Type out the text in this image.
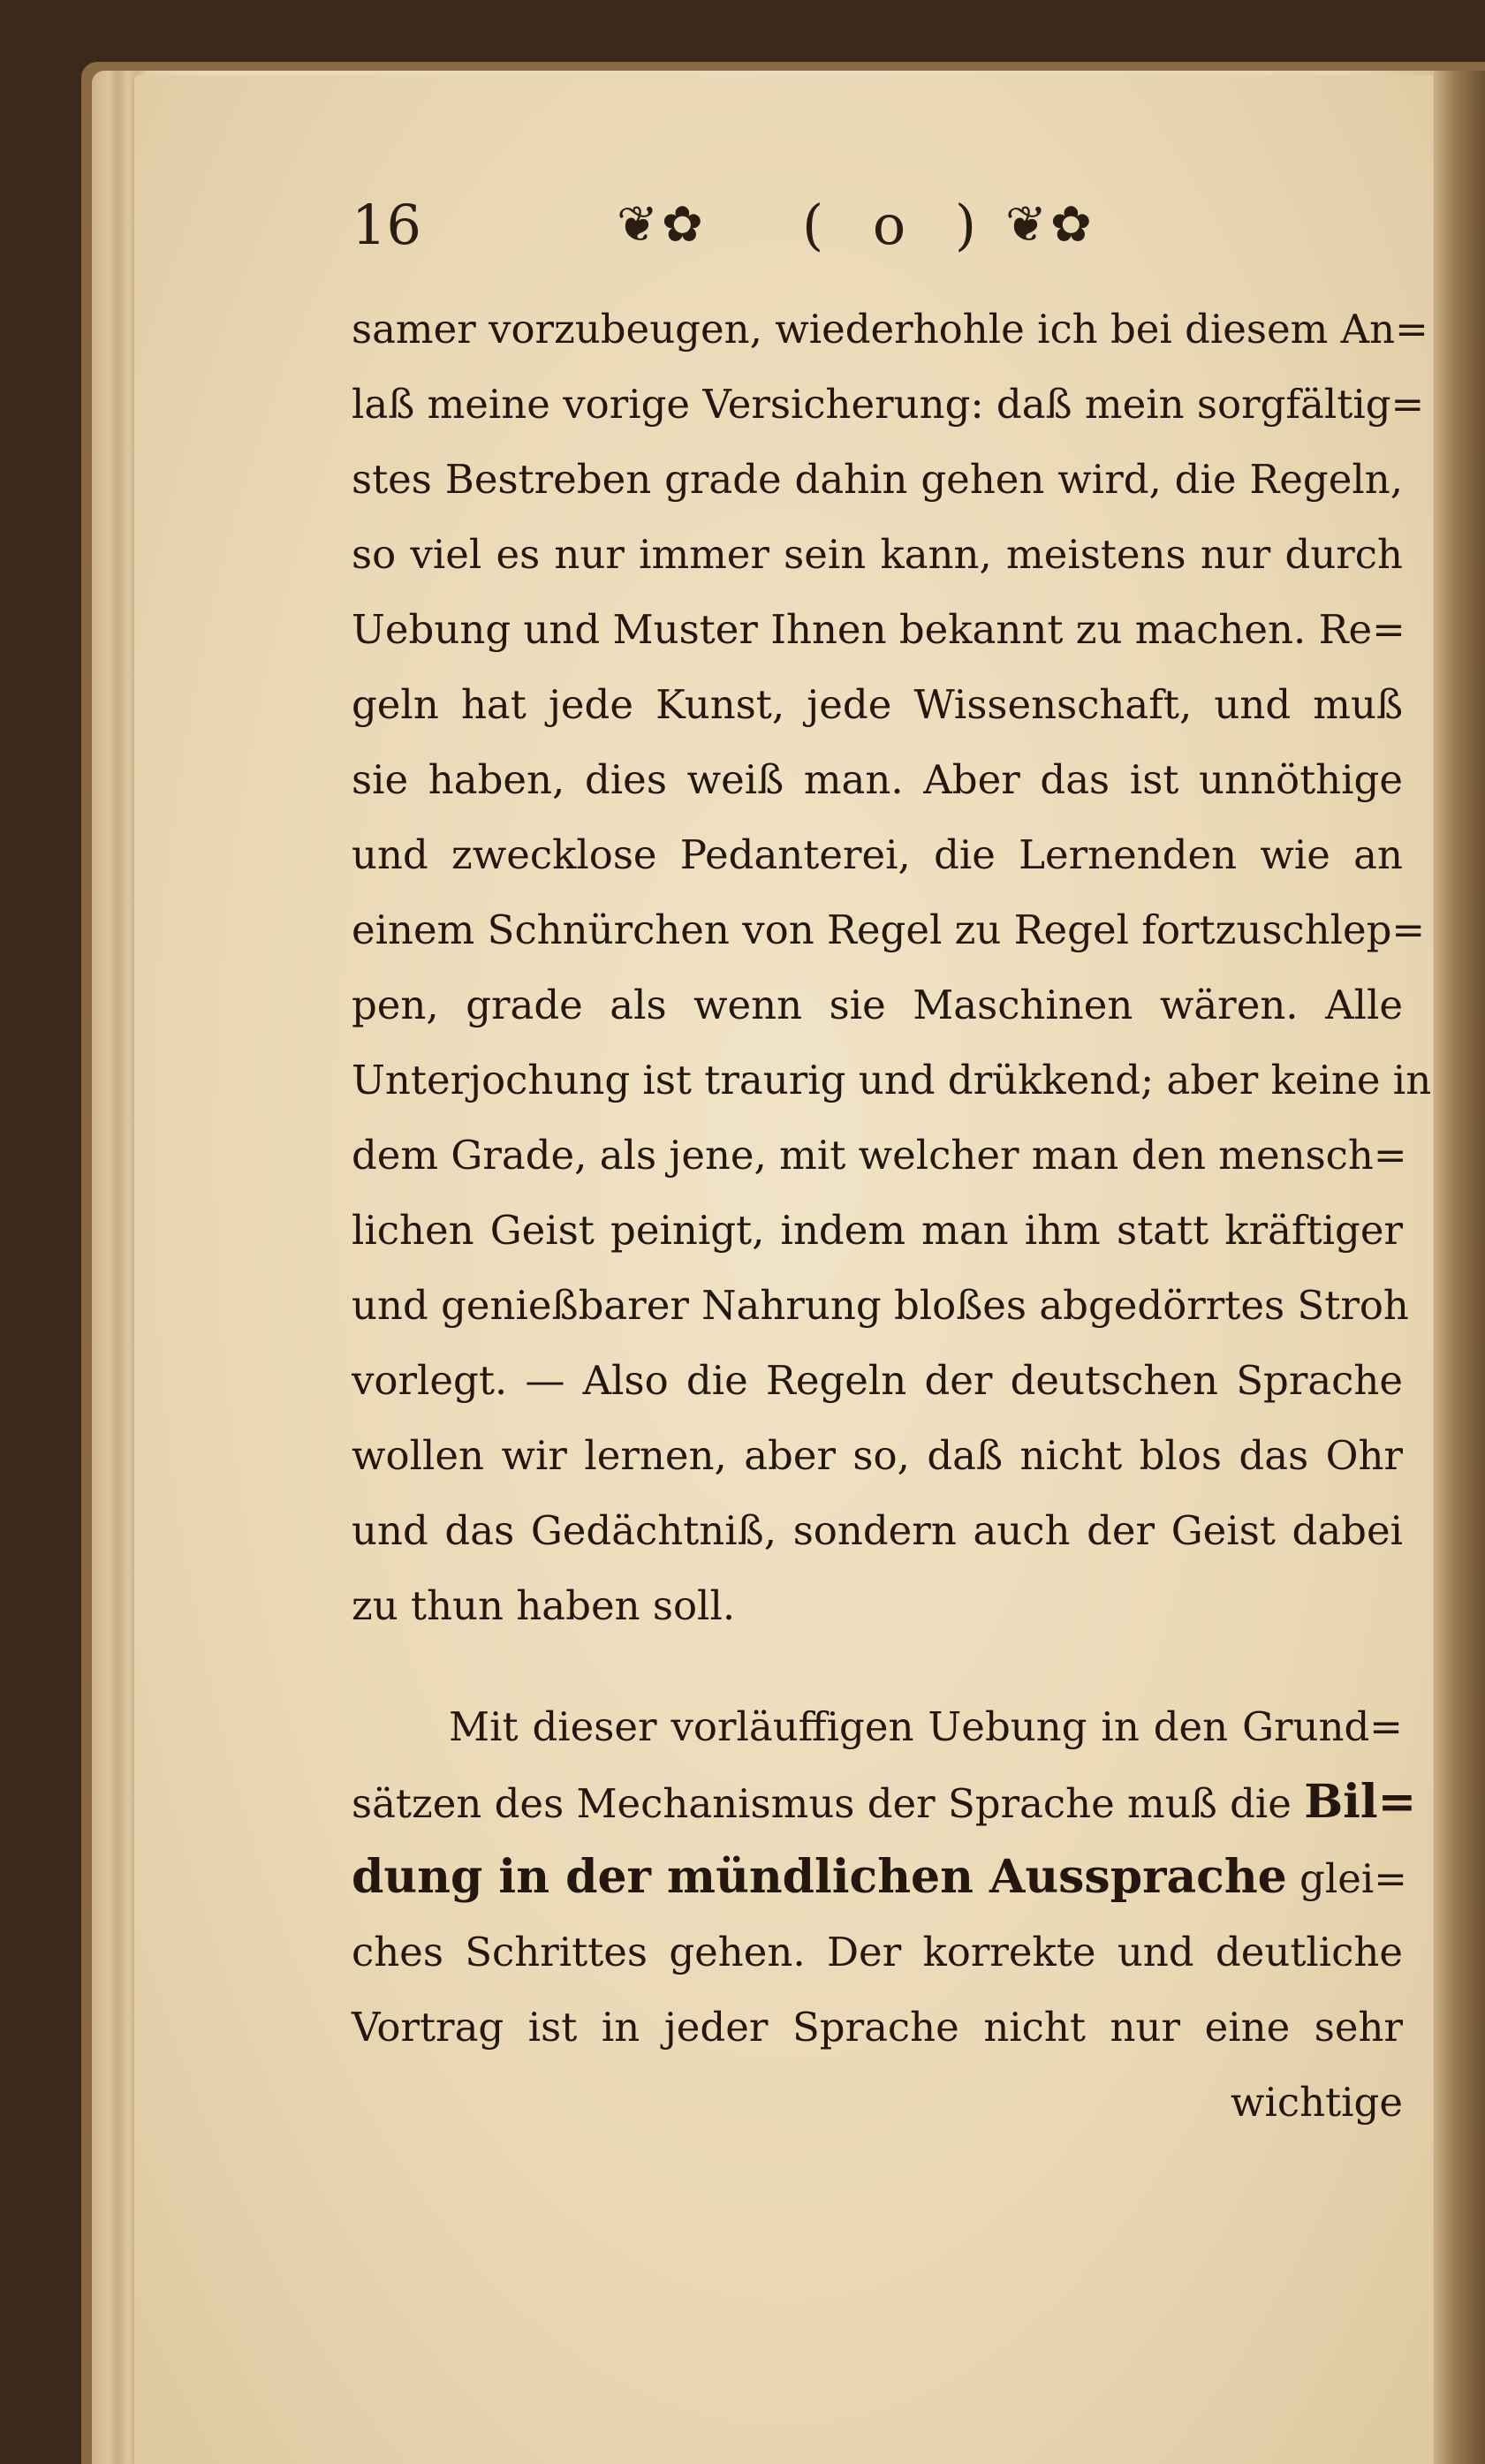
16	❦✿ ( o ) ❦✿
samer vorzubeugen, wiederhohle ich bei diesem An=
laß meine vorige Versicherung: daß mein sorgfältig=
stes Bestreben grade dahin gehen wird, die Regeln,
so viel es nur immer sein kann, meistens nur durch
Uebung und Muster Ihnen bekannt zu machen. Re=
geln hat jede Kunst, jede Wissenschaft, und muß
sie haben, dies weiß man. Aber das ist unnöthige
und zwecklose Pedanterei, die Lernenden wie an
einem Schnürchen von Regel zu Regel fortzuschlep=
pen, grade als wenn sie Maschinen wären. Alle
Unterjochung ist traurig und drükkend; aber keine in
dem Grade, als jene, mit welcher man den mensch=
lichen Geist peinigt, indem man ihm statt kräftiger
und genießbarer Nahrung bloßes abgedörrtes Stroh
vorlegt. — Also die Regeln der deutschen Sprache
wollen wir lernen, aber so, daß nicht blos das Ohr
und das Gedächtniß, sondern auch der Geist dabei
zu thun haben soll.
Mit dieser vorläuffigen Uebung in den Grund=
sätzen des Mechanismus der Sprache muß die Bil=
dung in der mündlichen Aussprache glei=
ches Schrittes gehen. Der korrekte und deutliche
Vortrag ist in jeder Sprache nicht nur eine sehr
wichtige
